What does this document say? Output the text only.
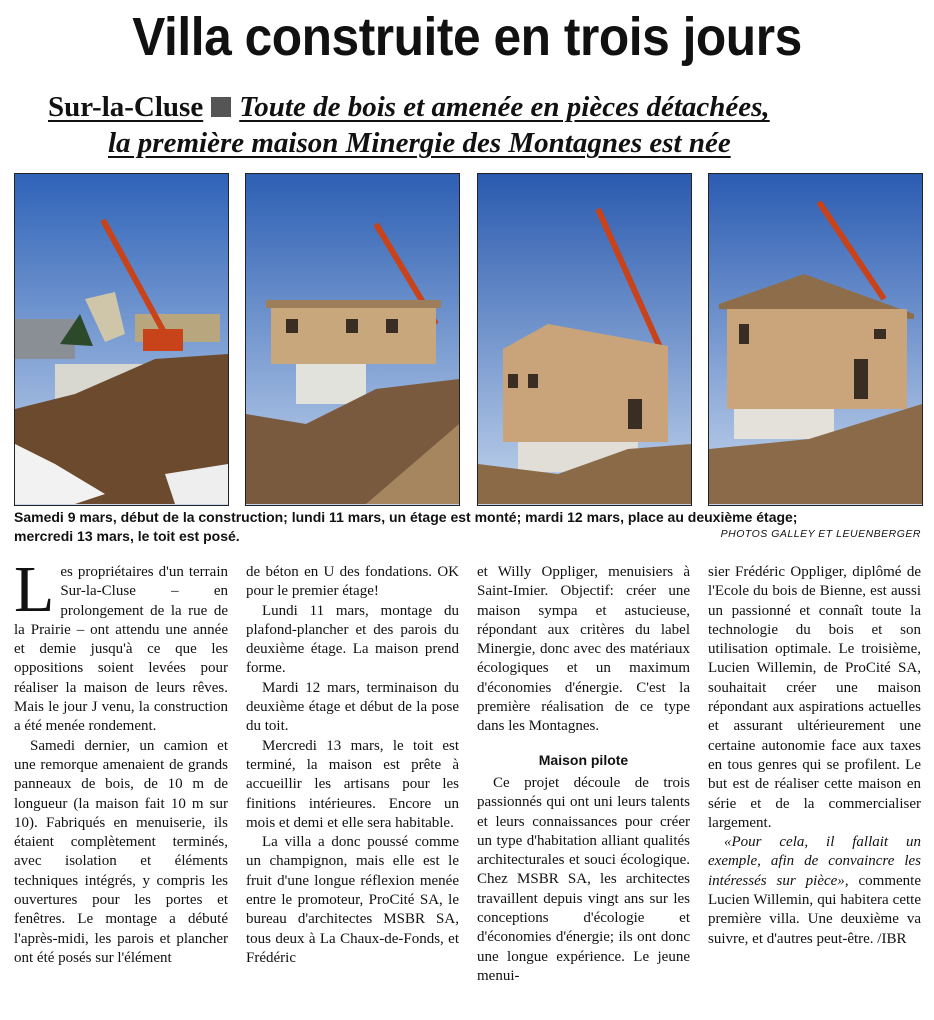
Villa construite en trois jours
Sur-la-Cluse Toute de bois et amenée en pièces détachées,
la première maison Minergie des Montagnes est née
Samedi 9 mars, début de la construction; lundi 11 mars, un étage est monté; mardi 12 mars, place au deuxième étage;
mercredi 13 mars, le toit est posé.	PHOTOS GALLEY ET LEUENBERGER

Les propriétaires d'un terrain Sur-la-Cluse – en prolongement de la rue de la Prairie – ont attendu une année et demie jusqu'à ce que les oppositions soient levées pour réaliser la maison de leurs rêves. Mais le jour J venu, la construction a été menée rondement.

Samedi dernier, un camion et une remorque amenaient de grands panneaux de bois, de 10 m de longueur (la maison fait 10 m sur 10). Fabriqués en menuiserie, ils étaient complètement terminés, avec isolation et éléments techniques intégrés, y compris les ouvertures pour les portes et fenêtres. Le montage a débuté l'après-midi, les parois et plancher ont été posés sur l'élément

de béton en U des fondations. OK pour le premier étage!

Lundi 11 mars, montage du plafond-plancher et des parois du deuxième étage. La maison prend forme.

Mardi 12 mars, terminaison du deuxième étage et début de la pose du toit.

Mercredi 13 mars, le toit est terminé, la maison est prête à accueillir les artisans pour les finitions intérieures. Encore un mois et demi et elle sera habitable.

La villa a donc poussé comme un champignon, mais elle est le fruit d'une longue réflexion menée entre le promoteur, ProCité SA, le bureau d'architectes MSBR SA, tous deux à La Chaux-de-Fonds, et Frédéric

et Willy Oppliger, menuisiers à Saint-Imier. Objectif: créer une maison sympa et astucieuse, répondant aux critères du label Minergie, donc avec des matériaux écologiques et un maximum d'économies d'énergie. C'est la première réalisation de ce type dans les Montagnes.

Maison pilote

Ce projet découle de trois passionnés qui ont uni leurs talents et leurs connaissances pour créer un type d'habitation alliant qualités architecturales et souci écologique. Chez MSBR SA, les architectes travaillent depuis vingt ans sur les conceptions d'écologie et d'économies d'énergie; ils ont donc une longue expérience. Le jeune menui-

sier Frédéric Oppliger, diplômé de l'Ecole du bois de Bienne, est aussi un passionné et connaît toute la technologie du bois et son utilisation optimale. Le troisième, Lucien Willemin, de ProCité SA, souhaitait créer une maison répondant aux aspirations actuelles et assurant ultérieurement une certaine autonomie face aux taxes en tous genres qui se profilent. Le but est de réaliser cette maison en série et de la commercialiser largement.

«Pour cela, il fallait un exemple, afin de convaincre les intéressés sur pièce», commente Lucien Willemin, qui habitera cette première villa. Une deuxième va suivre, et d'autres peut-être. /IBR
